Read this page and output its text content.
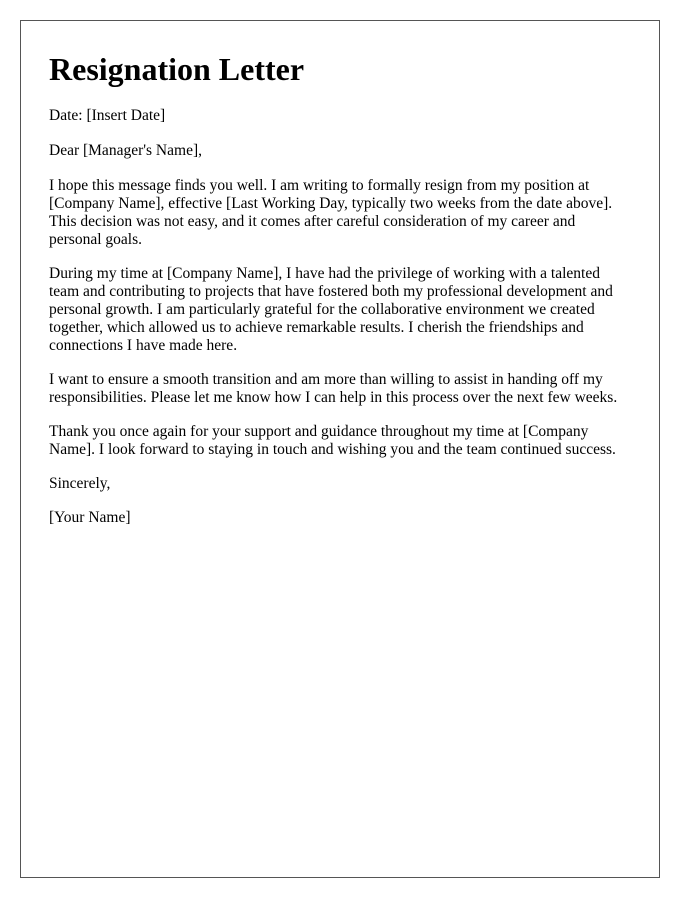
Resignation Letter

Date: [Insert Date]

Dear [Manager's Name],

I hope this message finds you well. I am writing to formally resign from my position at [Company Name], effective [Last Working Day, typically two weeks from the date above]. This decision was not easy, and it comes after careful consideration of my career and personal goals.

During my time at [Company Name], I have had the privilege of working with a talented team and contributing to projects that have fostered both my professional development and personal growth. I am particularly grateful for the collaborative environment we created together, which allowed us to achieve remarkable results. I cherish the friendships and connections I have made here.

I want to ensure a smooth transition and am more than willing to assist in handing off my responsibilities. Please let me know how I can help in this process over the next few weeks.

Thank you once again for your support and guidance throughout my time at [Company Name]. I look forward to staying in touch and wishing you and the team continued success.

Sincerely,

[Your Name]
